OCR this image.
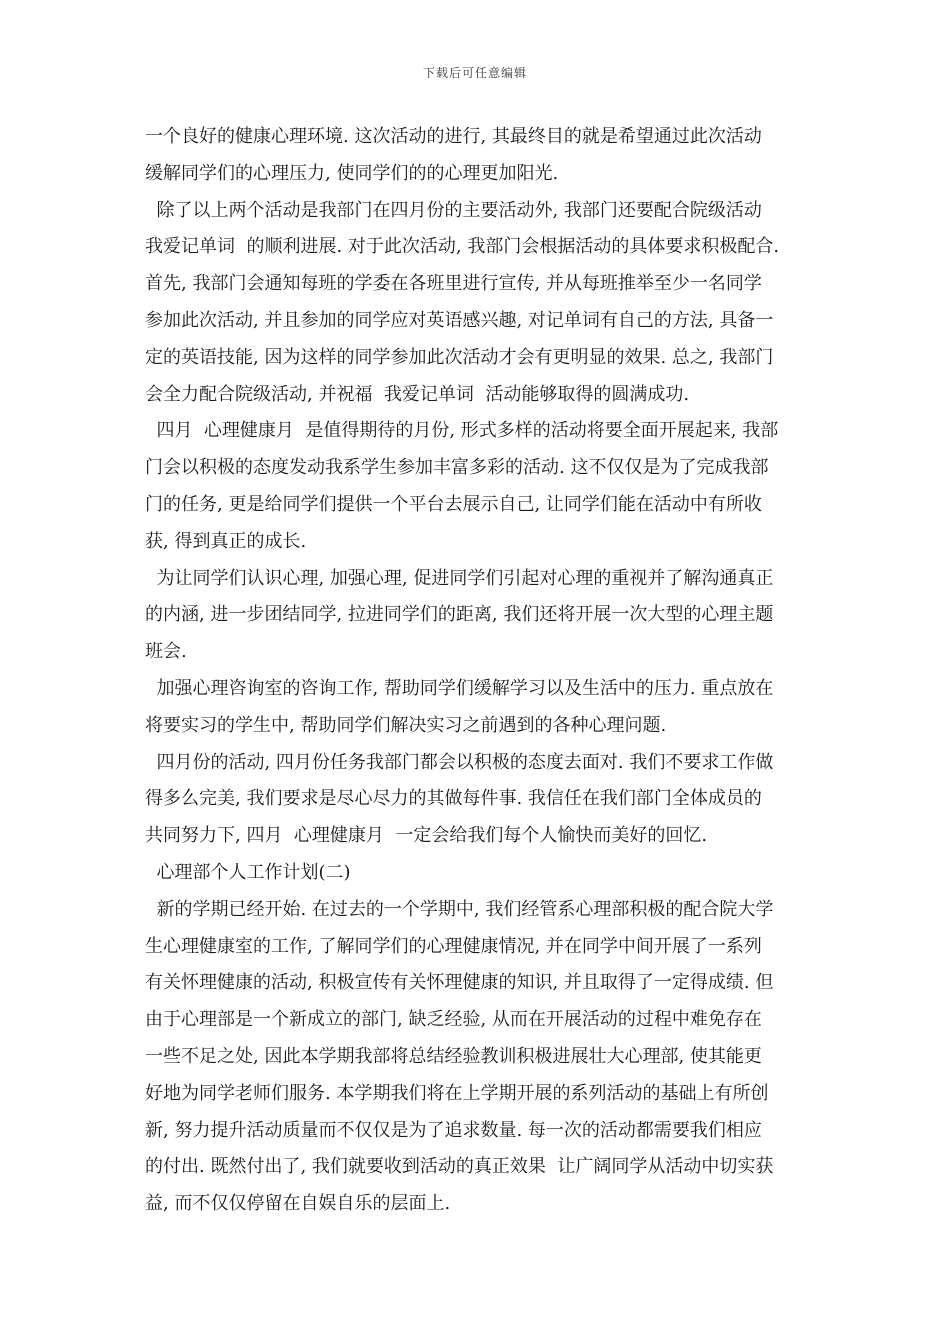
下载后可任意编辑
一个良好的健康心理环境. 这次活动的进行, 其最终目的就是希望通过此次活动
缓解同学们的心理压力, 使同学们的的心理更加阳光.
除了以上两个活动是我部门在四月份的主要活动外, 我部门还要配合院级活动
我爱记单词  的顺利进展. 对于此次活动, 我部门会根据活动的具体要求积极配合.
首先, 我部门会通知每班的学委在各班里进行宣传, 并从每班推举至少一名同学
参加此次活动, 并且参加的同学应对英语感兴趣, 对记单词有自己的方法, 具备一
定的英语技能, 因为这样的同学参加此次活动才会有更明显的效果. 总之, 我部门
会全力配合院级活动, 并祝福  我爱记单词  活动能够取得的圆满成功.
四月  心理健康月  是值得期待的月份, 形式多样的活动将要全面开展起来, 我部
门会以积极的态度发动我系学生参加丰富多彩的活动. 这不仅仅是为了完成我部
门的任务, 更是给同学们提供一个平台去展示自己, 让同学们能在活动中有所收
获, 得到真正的成长.
为让同学们认识心理, 加强心理, 促进同学们引起对心理的重视并了解沟通真正
的内涵, 进一步团结同学, 拉进同学们的距离, 我们还将开展一次大型的心理主题
班会.
加强心理咨询室的咨询工作, 帮助同学们缓解学习以及生活中的压力. 重点放在
将要实习的学生中, 帮助同学们解决实习之前遇到的各种心理问题.
四月份的活动, 四月份任务我部门都会以积极的态度去面对. 我们不要求工作做
得多么完美, 我们要求是尽心尽力的其做每件事. 我信任在我们部门全体成员的
共同努力下, 四月  心理健康月  一定会给我们每个人愉快而美好的回忆.
心理部个人工作计划(二)
新的学期已经开始. 在过去的一个学期中, 我们经管系心理部积极的配合院大学
生心理健康室的工作, 了解同学们的心理健康情况, 并在同学中间开展了一系列
有关怀理健康的活动, 积极宣传有关怀理健康的知识, 并且取得了一定得成绩. 但
由于心理部是一个新成立的部门, 缺乏经验, 从而在开展活动的过程中难免存在
一些不足之处, 因此本学期我部将总结经验教训积极进展壮大心理部, 使其能更
好地为同学老师们服务. 本学期我们将在上学期开展的系列活动的基础上有所创
新, 努力提升活动质量而不仅仅是为了追求数量. 每一次的活动都需要我们相应
的付出. 既然付出了, 我们就要收到活动的真正效果  让广阔同学从活动中切实获
益, 而不仅仅停留在自娱自乐的层面上.
